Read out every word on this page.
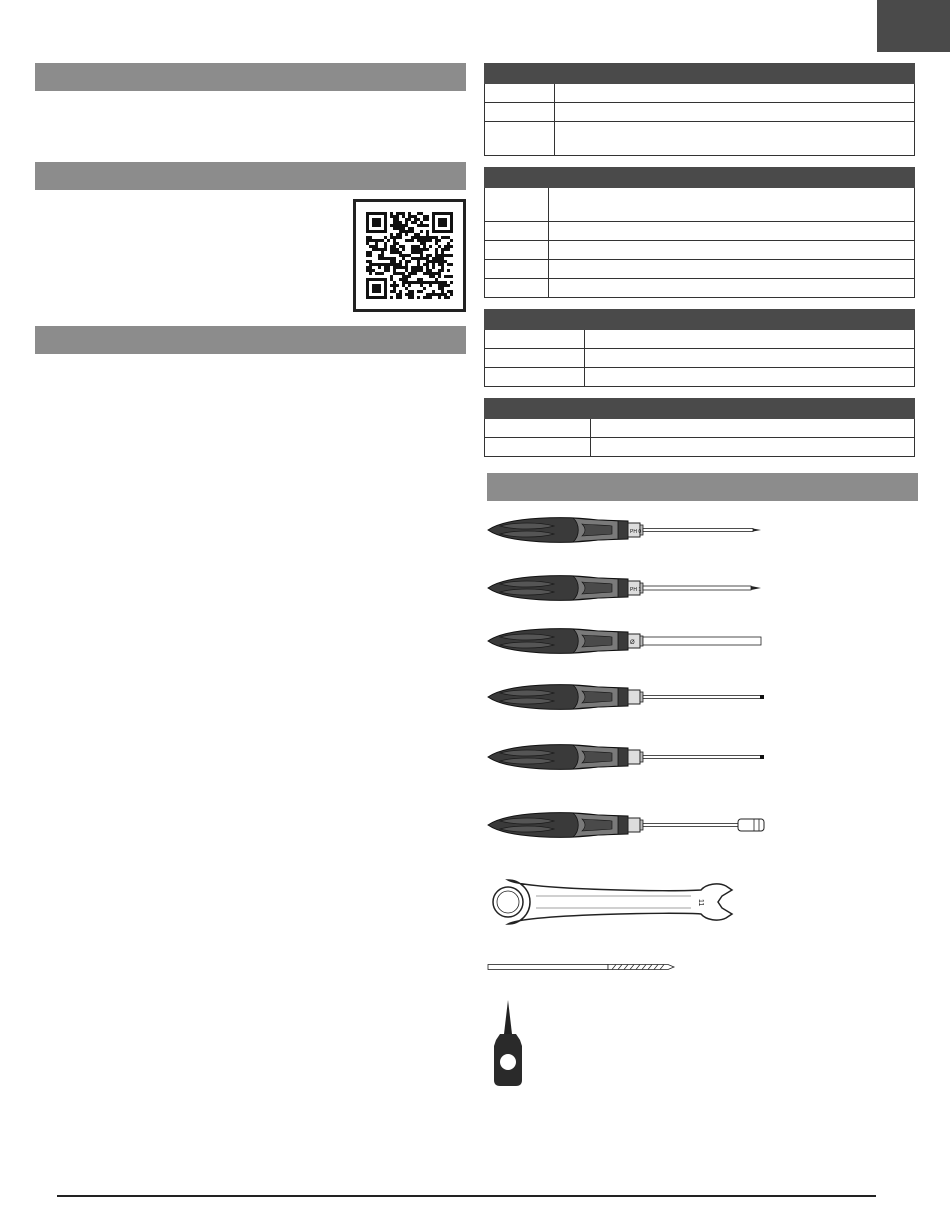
PH 0
PH 1
Ø
11
